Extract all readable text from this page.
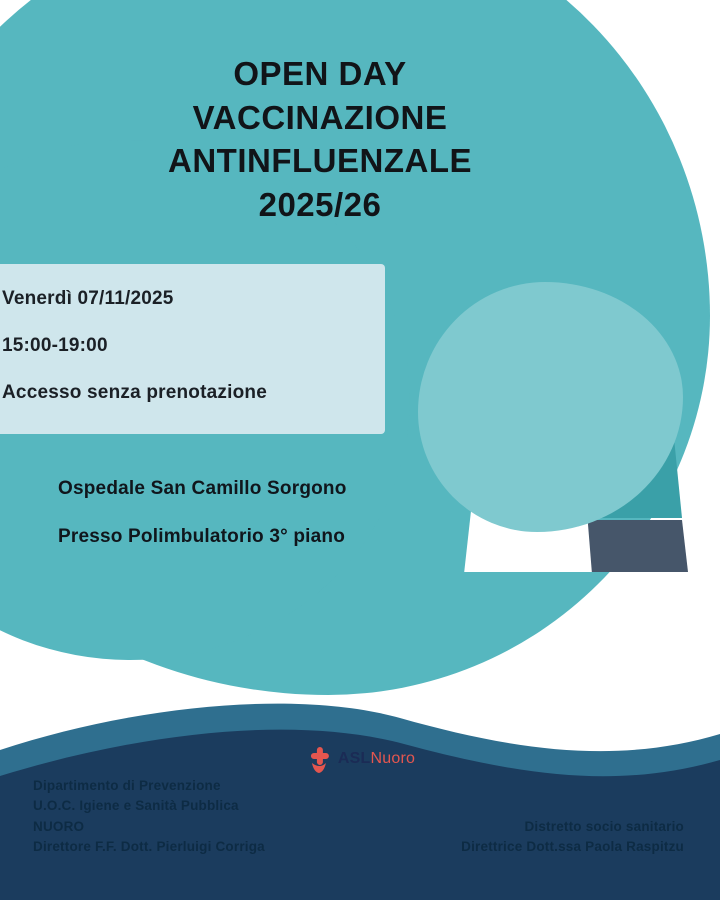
OPEN DAY
VACCINAZIONE
ANTINFLUENZALE
2025/26

Venerdì 07/11/2025

15:00-19:00

Accesso senza prenotazione

Ospedale San Camillo Sorgono

Presso Polimbulatorio 3° piano

ASLNuoro
Dipartimento di Prevenzione
U.O.C. Igiene e Sanità Pubblica
NUORO
Direttore F.F. Dott. Pierluigi Corriga
Distretto socio sanitario
Direttrice Dott.ssa Paola Raspitzu
